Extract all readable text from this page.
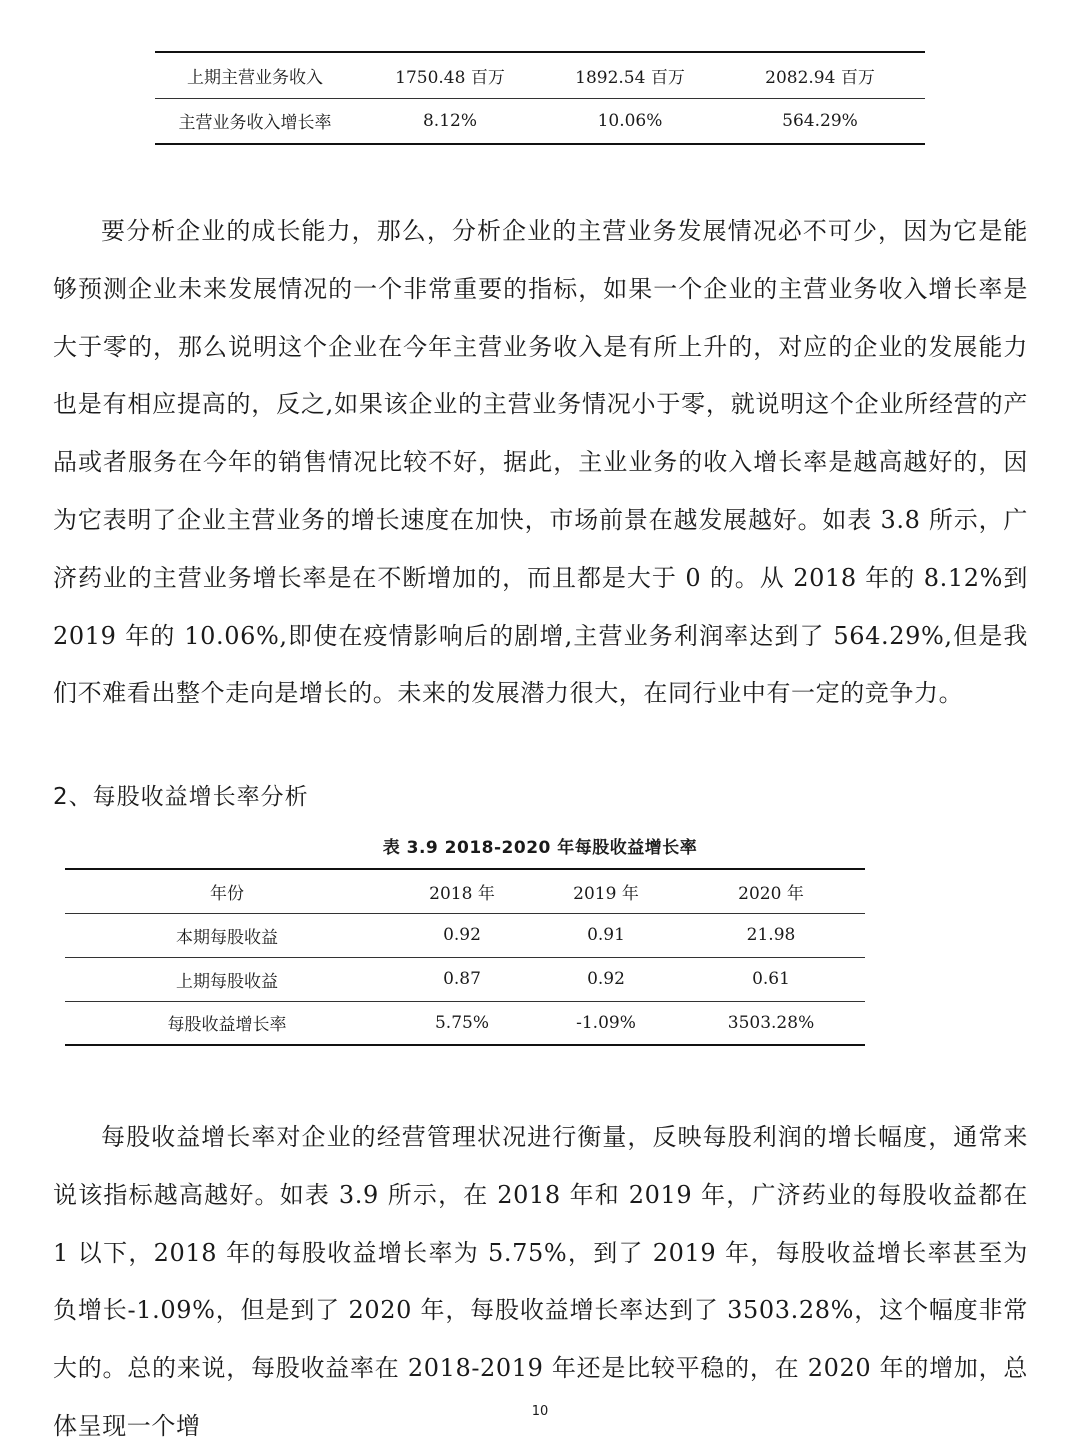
上期主营业务收入	1750.48 百万	1892.54 百万	2082.94 百万
主营业务收入增长率	8.12%	10.06%	564.29%

要分析企业的成长能力，那么，分析企业的主营业务发展情况必不可少，因为它是能够预测企业未来发展情况的一个非常重要的指标，如果一个企业的主营业务收入增长率是大于零的，那么说明这个企业在今年主营业务收入是有所上升的，对应的企业的发展能力也是有相应提高的，反之,如果该企业的主营业务情况小于零，就说明这个企业所经营的产品或者服务在今年的销售情况比较不好，据此，主业业务的收入增长率是越高越好的，因为它表明了企业主营业务的增长速度在加快，市场前景在越发展越好。如表 3.8 所示，广济药业的主营业务增长率是在不断增加的，而且都是大于 0 的。从 2018 年的 8.12%到 2019 年的 10.06%,即使在疫情影响后的剧增,主营业务利润率达到了 564.29%,但是我们不难看出整个走向是增长的。未来的发展潜力很大，在同行业中有一定的竞争力。

2、每股收益增长率分析
表 3.9 2018-2020 年每股收益增长率
年份	2018 年	2019 年	2020 年
本期每股收益	0.92	0.91	21.98
上期每股收益	0.87	0.92	0.61
每股收益增长率	5.75%	-1.09%	3503.28%

每股收益增长率对企业的经营管理状况进行衡量，反映每股利润的增长幅度，通常来说该指标越高越好。如表 3.9 所示，在 2018 年和 2019 年，广济药业的每股收益都在 1 以下，2018 年的每股收益增长率为 5.75%，到了 2019 年，每股收益增长率甚至为负增长-1.09%，但是到了 2020 年，每股收益增长率达到了 3503.28%，这个幅度非常大的。总的来说，每股收益率在 2018-2019 年还是比较平稳的，在 2020 年的增加，总体呈现一个增

10
